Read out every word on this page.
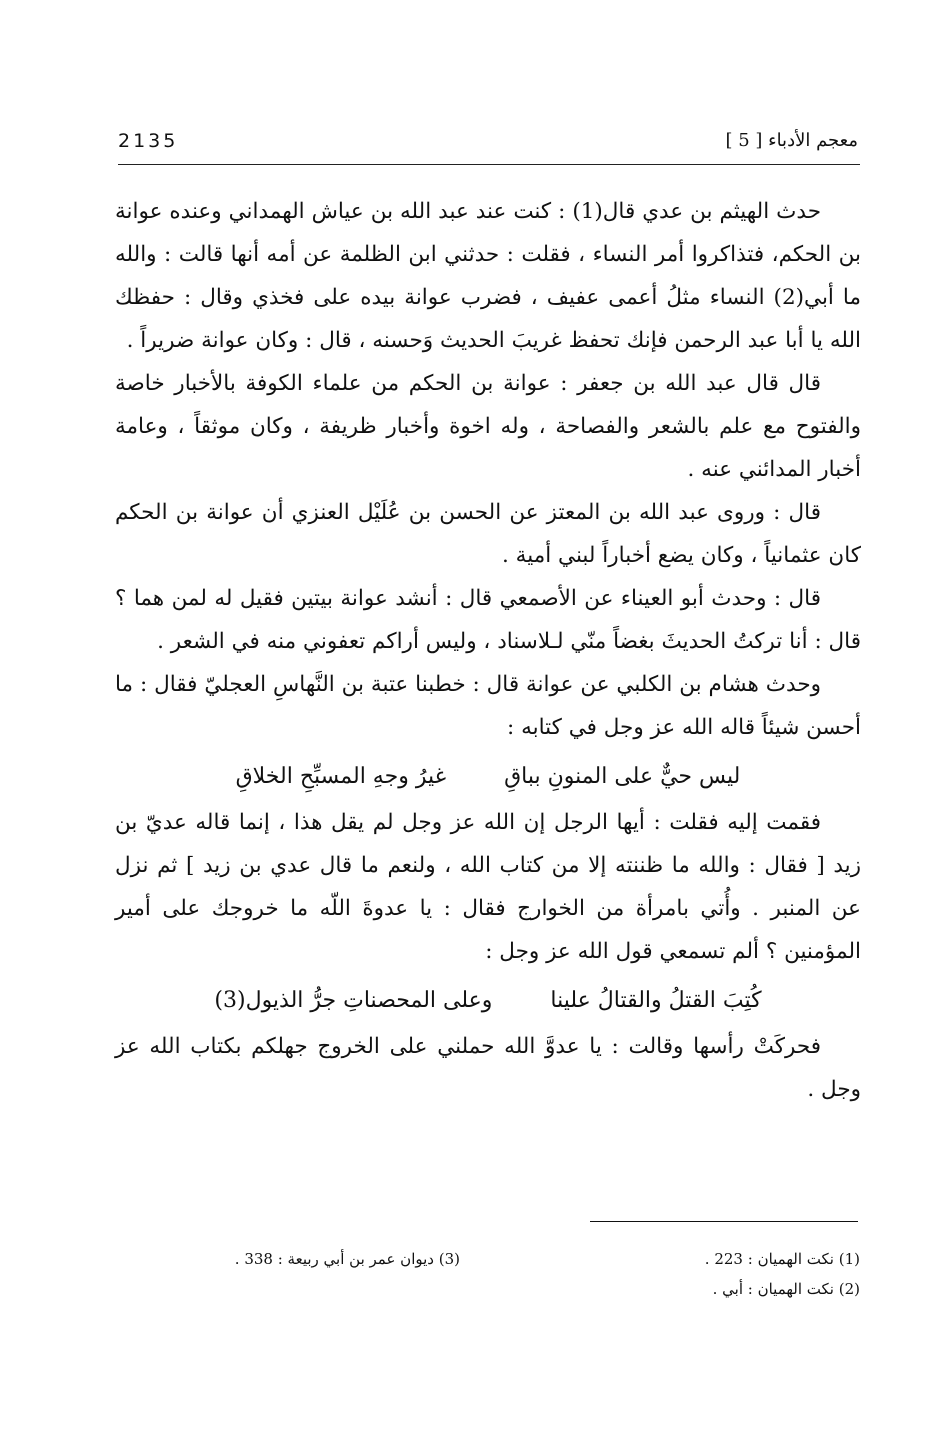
2135	معجم الأدباء [ 5 ]

حدث الهيثم بن عدي قال(1) : كنت عند عبد الله بن عياش الهمداني وعنده عوانة بن الحكم، فتذاكروا أمر النساء ، فقلت : حدثني ابن الظلمة عن أمه أنها قالت : والله ما أبي(2) النساء مثلُ أعمى عفيف ، فضرب عوانة بيده على فخذي وقال : حفظك الله يا أبا عبد الرحمن فإنك تحفظ غريبَ الحديث وَحسنه ، قال : وكان عوانة ضريراً .

قال قال عبد الله بن جعفر : عوانة بن الحكم من علماء الكوفة بالأخبار خاصة والفتوح مع علم بالشعر والفصاحة ، وله اخوة وأخبار ظريفة ، وكان موثقاً ، وعامة أخبار المدائني عنه .

قال : وروى عبد الله بن المعتز عن الحسن بن عُلَيْل العنزي أن عوانة بن الحكم كان عثمانياً ، وكان يضع أخباراً لبني أمية .

قال : وحدث أبو العيناء عن الأصمعي قال : أنشد عوانة بيتين فقيل له لمن هما ؟ قال : أنا تركتُ الحديثَ بغضاً منّي لـلاسناد ، وليس أراكم تعفوني منه في الشعر .

وحدث هشام بن الكلبي عن عوانة قال : خطبنا عتبة بن النَّهاسِ العجليّ فقال : ما أحسن شيئاً قاله الله عز وجل في كتابه :

ليس حيٌّ على المنونِ بباقِ
غيرُ وجهِ المسبِّحِ الخلاقِ

فقمت إليه فقلت : أيها الرجل إن الله عز وجل لم يقل هذا ، إنما قاله عديّ بن زيد [ فقال : والله ما ظننته إلا من كتاب الله ، ولنعم ما قال عدي بن زيد ] ثم نزل عن المنبر . وأُتي بامرأة من الخوارج فقال : يا عدوةَ اللّه ما خروجك على أمير المؤمنين ؟ ألم تسمعي قول الله عز وجل :

كُتِبَ القتلُ والقتالُ علينا
وعلى المحصناتِ جرُّ الذيول(3)

فحركَتْ رأسها وقالت : يا عدوَّ الله حملني على الخروج جهلكم بكتاب الله عز وجل .

(1) نكت الهميان : 223 .
(2) نكت الهميان : أبي .
(3) ديوان عمر بن أبي ربيعة : 338 .
